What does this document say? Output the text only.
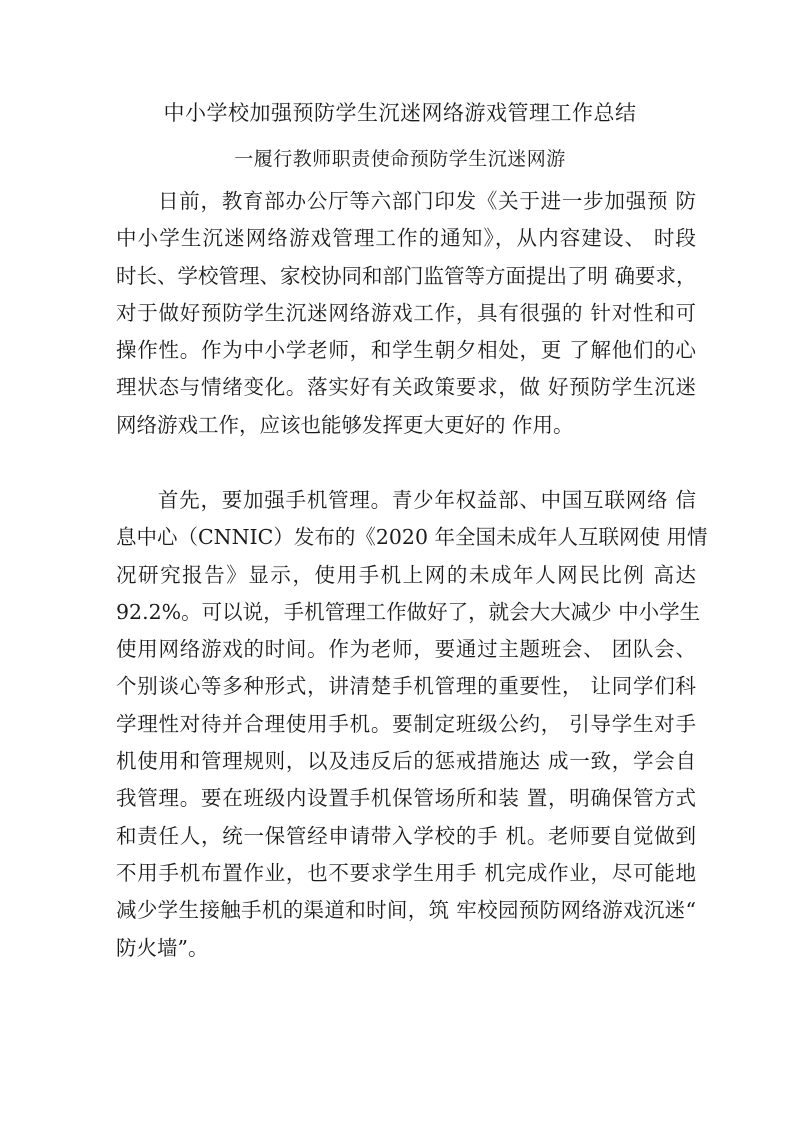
中小学校加强预防学生沉迷网络游戏管理工作总结
一履行教师职责使命预防学生沉迷网游
日前，教育部办公厅等六部门印发《关于进一步加强预 防
中小学生沉迷网络游戏管理工作的通知》，从内容建设、 时段
时长、学校管理、家校协同和部门监管等方面提出了明 确要求，
对于做好预防学生沉迷网络游戏工作，具有很强的 针对性和可
操作性。作为中小学老师，和学生朝夕相处，更 了解他们的心
理状态与情绪变化。落实好有关政策要求，做 好预防学生沉迷
网络游戏工作，应该也能够发挥更大更好的 作用。
首先，要加强手机管理。青少年权益部、中国互联网络 信
息中心（CNNIC）发布的《2020 年全国未成年人互联网使 用情
况研究报告》显示，使用手机上网的未成年人网民比例 高达
92.2%。可以说，手机管理工作做好了，就会大大减少 中小学生
使用网络游戏的时间。作为老师，要通过主题班会、 团队会、
个别谈心等多种形式，讲清楚手机管理的重要性， 让同学们科
学理性对待并合理使用手机。要制定班级公约， 引导学生对手
机使用和管理规则，以及违反后的惩戒措施达 成一致，学会自
我管理。要在班级内设置手机保管场所和装 置，明确保管方式
和责任人，统一保管经申请带入学校的手 机。老师要自觉做到
不用手机布置作业，也不要求学生用手 机完成作业，尽可能地
减少学生接触手机的渠道和时间，筑 牢校园预防网络游戏沉迷“
防火墙”。
